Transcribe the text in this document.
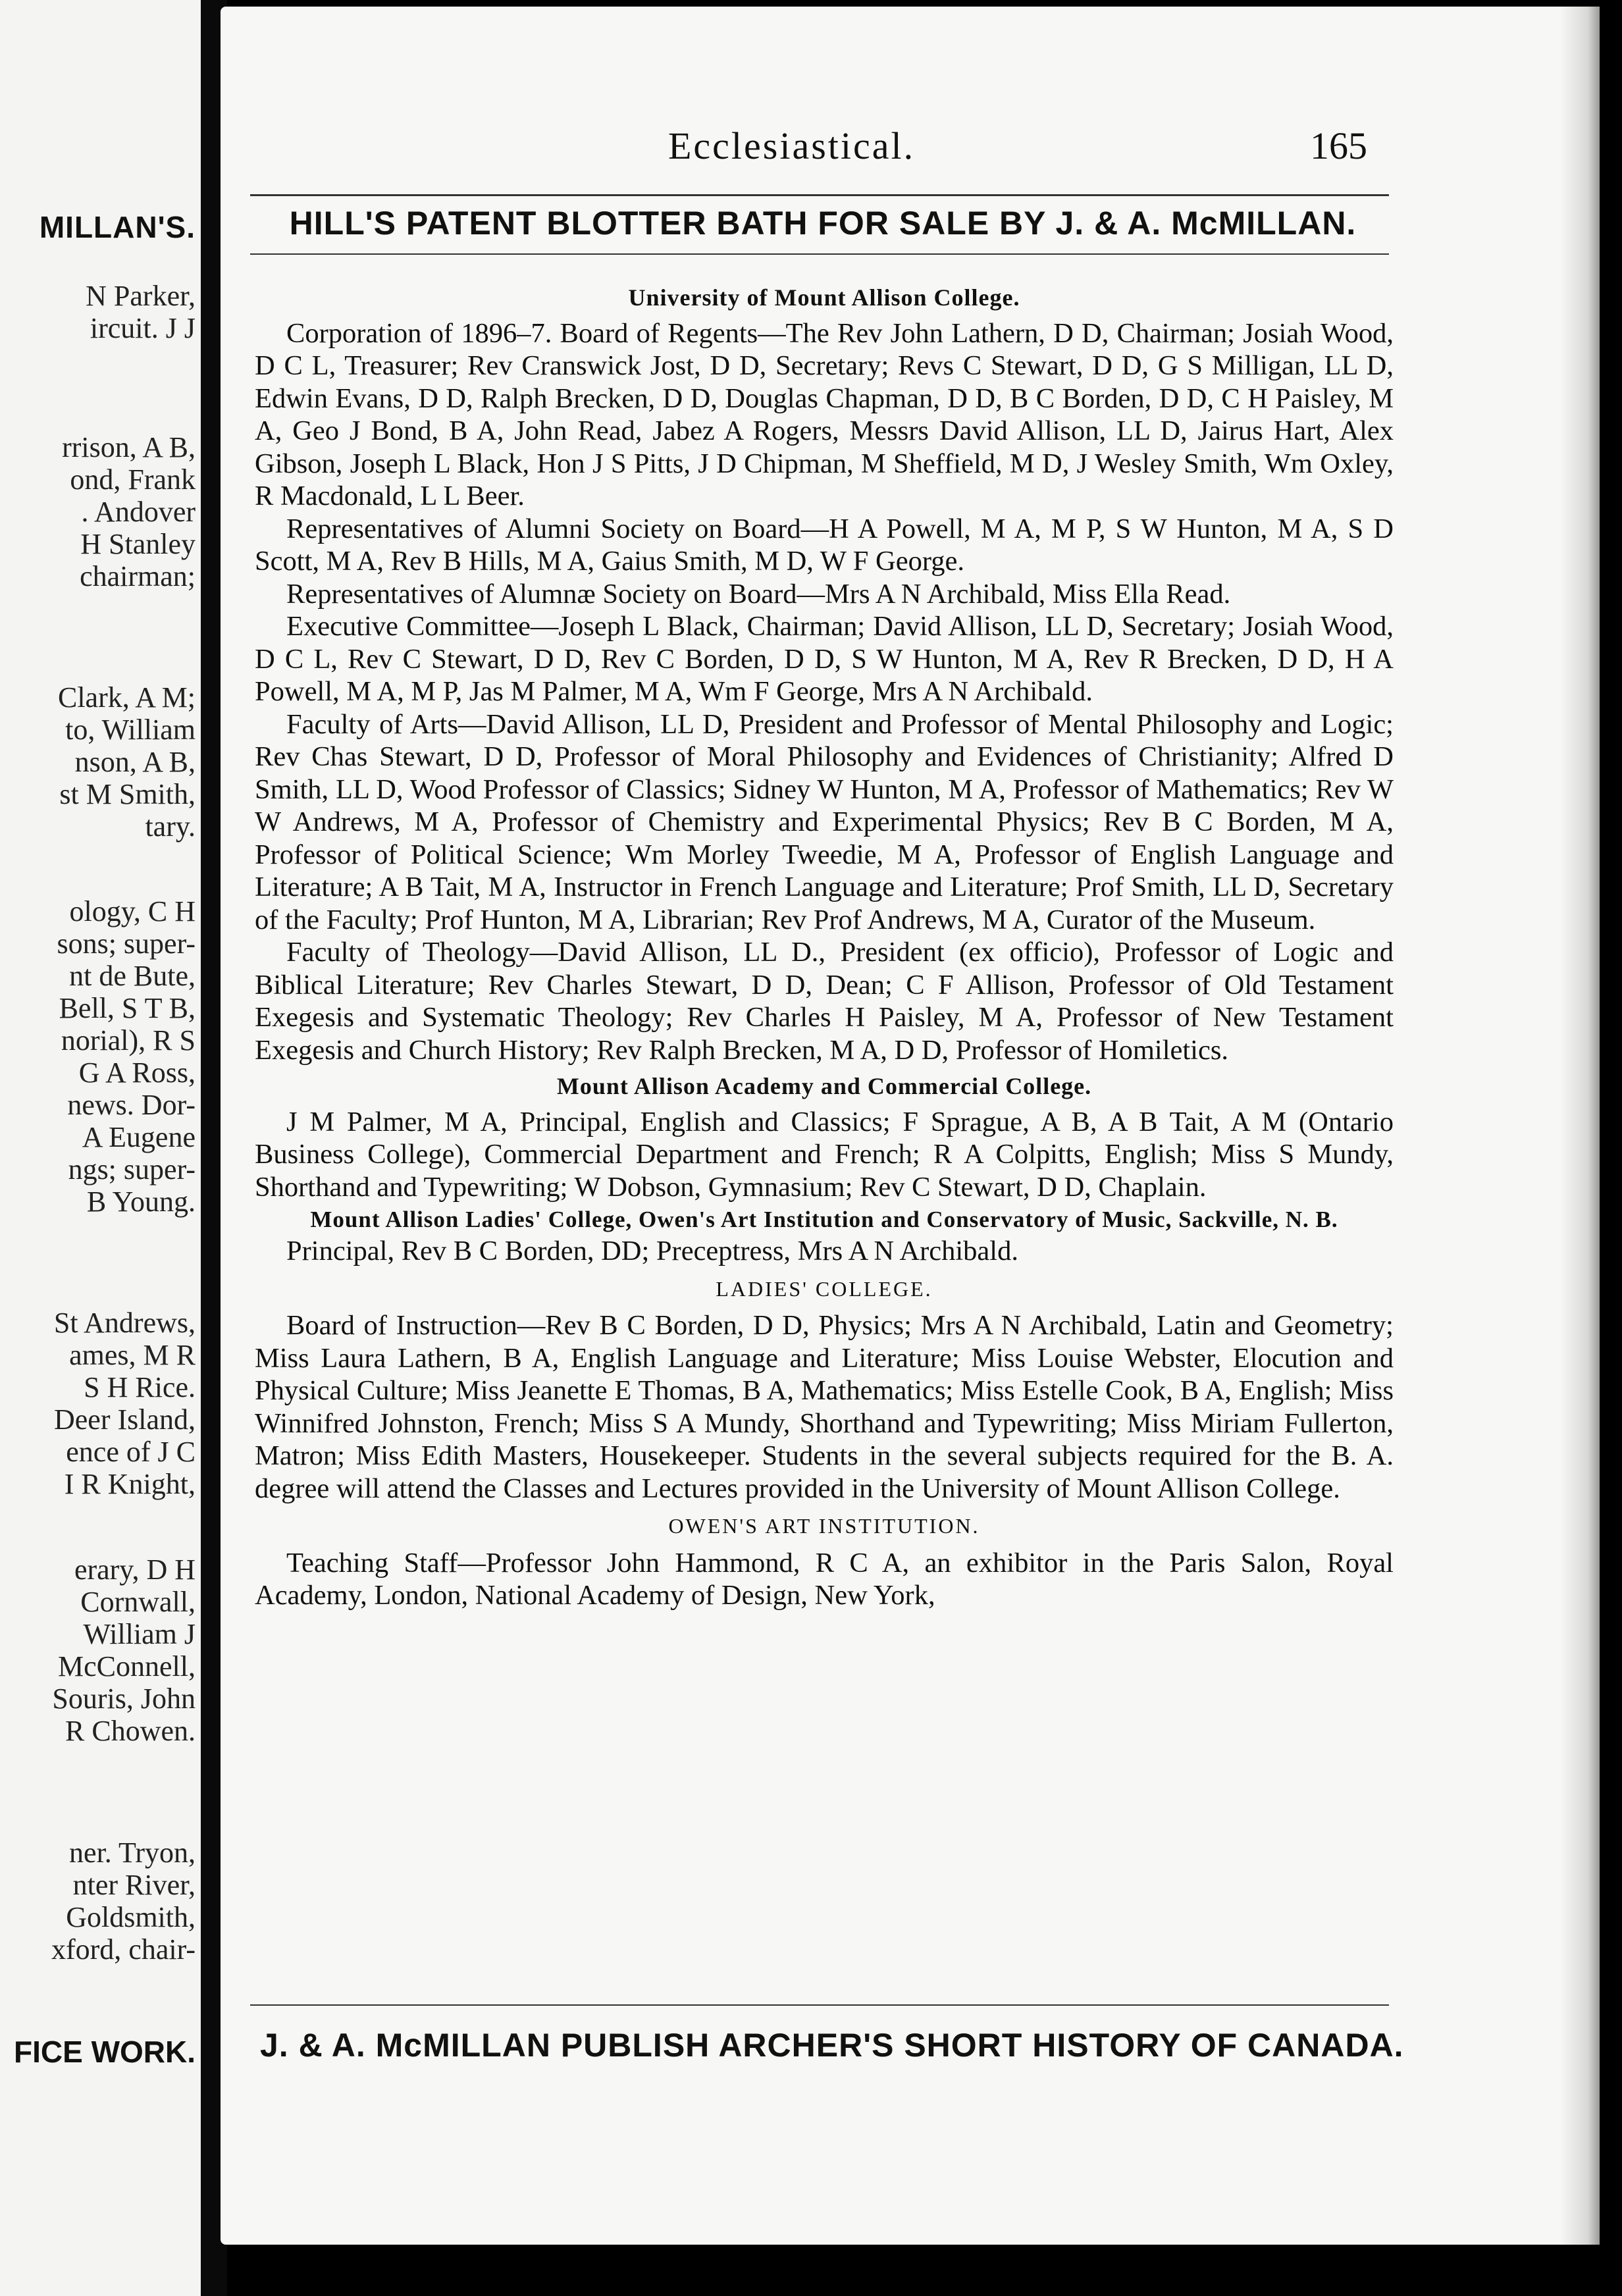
MILLAN'S.
N Parker,
ircuit. J J
rrison, A B,
ond, Frank
. Andover
H Stanley
chairman;
Clark, A M;
to, William
nson, A B,
st M Smith,
tary.
ology, C H
sons; super-
nt de Bute,
Bell, S T B,
norial), R S
G A Ross,
news. Dor-
A Eugene
ngs; super-
B Young.
St Andrews,
ames, M R
S H Rice.
Deer Island,
ence of J C
I R Knight,
erary, D H
Cornwall,
William J
McConnell,
Souris, John
R Chowen.
ner. Tryon,
nter River,
Goldsmith,
xford, chair-
FICE WORK.
Ecclesiastical.	165
HILL'S PATENT BLOTTER BATH FOR SALE BY J. & A. McMILLAN.

University of Mount Allison College.

Corporation of 1896–7. Board of Regents—The Rev John Lathern, D D, Chairman; Josiah Wood, D C L, Treasurer; Rev Cranswick Jost, D D, Secretary; Revs C Stewart, D D, G S Milligan, LL D, Edwin Evans, D D, Ralph Brecken, D D, Douglas Chapman, D D, B C Borden, D D, C H Paisley, M A, Geo J Bond, B A, John Read, Jabez A Rogers, Messrs David Allison, LL D, Jairus Hart, Alex Gibson, Joseph L Black, Hon J S Pitts, J D Chipman, M Sheffield, M D, J Wesley Smith, Wm Oxley, R Macdonald, L L Beer.

Representatives of Alumni Society on Board—H A Powell, M A, M P, S W Hunton, M A, S D Scott, M A, Rev B Hills, M A, Gaius Smith, M D, W F George.

Representatives of Alumnæ Society on Board—Mrs A N Archibald, Miss Ella Read.

Executive Committee—Joseph L Black, Chairman; David Allison, LL D, Secretary; Josiah Wood, D C L, Rev C Stewart, D D, Rev C Borden, D D, S W Hunton, M A, Rev R Brecken, D D, H A Powell, M A, M P, Jas M Palmer, M A, Wm F George, Mrs A N Archibald.

Faculty of Arts—David Allison, LL D, President and Professor of Mental Philosophy and Logic; Rev Chas Stewart, D D, Professor of Moral Philosophy and Evidences of Christianity; Alfred D Smith, LL D, Wood Professor of Classics; Sidney W Hunton, M A, Professor of Mathematics; Rev W W Andrews, M A, Professor of Chemistry and Experimental Physics; Rev B C Borden, M A, Professor of Political Science; Wm Morley Tweedie, M A, Professor of English Language and Literature; A B Tait, M A, Instructor in French Language and Literature; Prof Smith, LL D, Secretary of the Faculty; Prof Hunton, M A, Librarian; Rev Prof Andrews, M A, Curator of the Museum.

Faculty of Theology—David Allison, LL D., President (ex officio), Professor of Logic and Biblical Literature; Rev Charles Stewart, D D, Dean; C F Allison, Professor of Old Testament Exegesis and Systematic Theology; Rev Charles H Paisley, M A, Professor of New Testament Exegesis and Church History; Rev Ralph Brecken, M A, D D, Professor of Homiletics.

Mount Allison Academy and Commercial College.

J M Palmer, M A, Principal, English and Classics; F Sprague, A B, A B Tait, A M (Ontario Business College), Commercial Department and French; R A Colpitts, English; Miss S Mundy, Shorthand and Typewriting; W Dobson, Gymnasium; Rev C Stewart, D D, Chaplain.

Mount Allison Ladies' College, Owen's Art Institution and Conservatory of Music, Sackville, N. B.

Principal, Rev B C Borden, DD; Preceptress, Mrs A N Archibald.

LADIES' COLLEGE.

Board of Instruction—Rev B C Borden, D D, Physics; Mrs A N Archibald, Latin and Geometry; Miss Laura Lathern, B A, English Language and Literature; Miss Louise Webster, Elocution and Physical Culture; Miss Jeanette E Thomas, B A, Mathematics; Miss Estelle Cook, B A, English; Miss Winnifred Johnston, French; Miss S A Mundy, Shorthand and Typewriting; Miss Miriam Fullerton, Matron; Miss Edith Masters, Housekeeper. Students in the several subjects required for the B. A. degree will attend the Classes and Lectures provided in the University of Mount Allison College.

OWEN'S ART INSTITUTION.

Teaching Staff—Professor John Hammond, R C A, an exhibitor in the Paris Salon, Royal Academy, London, National Academy of Design, New York,

J. & A. McMILLAN PUBLISH ARCHER'S SHORT HISTORY OF CANADA.
